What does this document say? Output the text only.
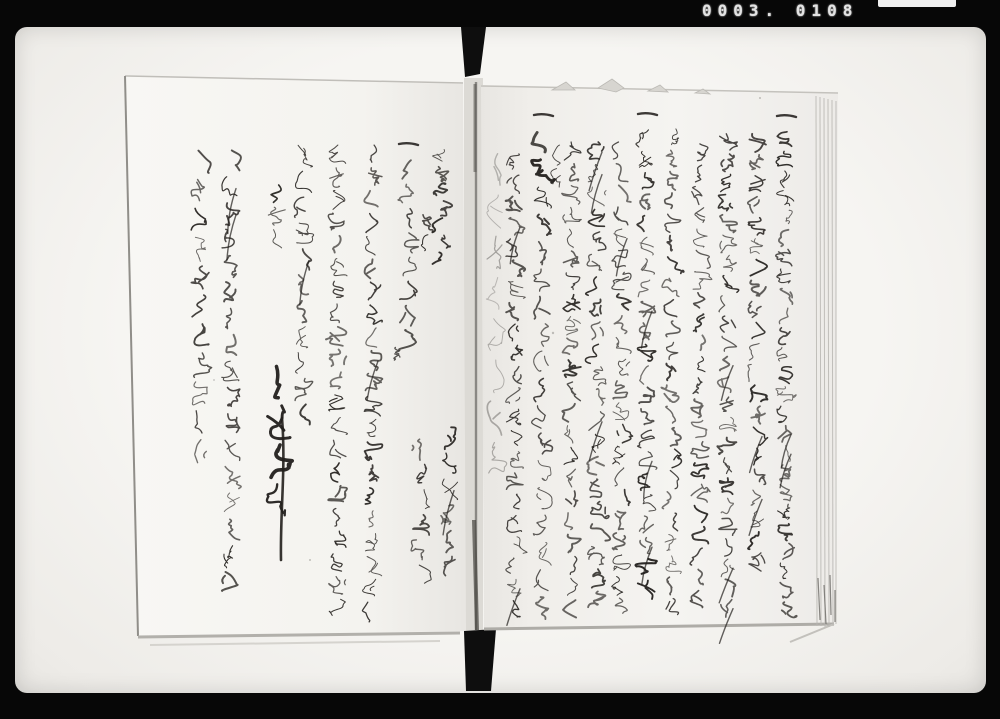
0003. 0108
